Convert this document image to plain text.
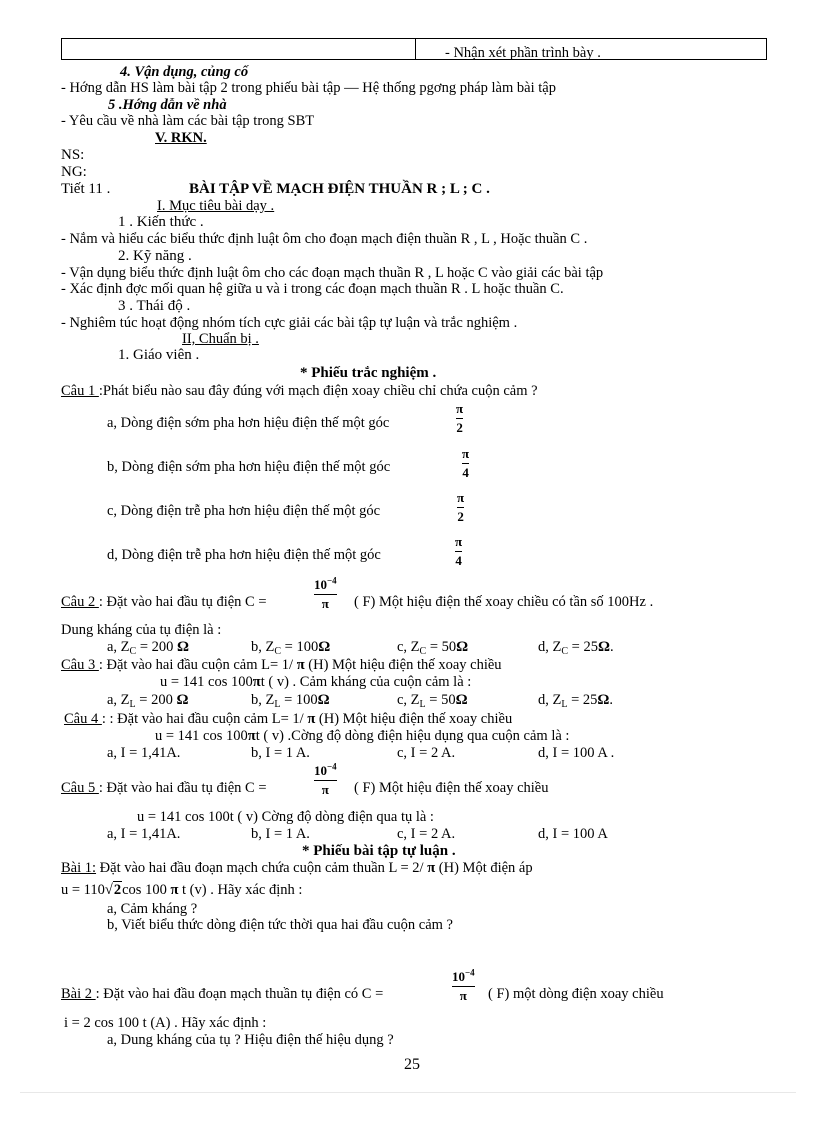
- Nhận xét phần trình bày .
4. Vận dụng, củng cố
- Hớng dẫn HS làm bài tập 2 trong phiếu bài tập — Hệ thống pgơng pháp làm bài tập
5 .Hớng dẫn về nhà
- Yêu cầu về nhà làm các bài tập trong SBT
V. RKN.
NS:
NG:
Tiết 11 .	BÀI TẬP VỀ MẠCH ĐIỆN THUẦN R ; L ; C .
I. Mục tiêu bài dạy .
1 . Kiến thức .
- Nắm và hiểu các biểu thức định luật ôm cho đoạn mạch điện thuần R , L , Hoặc thuần C .
2. Kỹ năng .
- Vận dụng biểu thức định luật ôm cho các đoạn mạch thuần R , L hoặc C vào giải các bài tập
- Xác định đợc mối quan hệ giữa u và i trong các đoạn mạch thuần R . L hoặc thuần C.
3 . Thái độ .
- Nghiêm túc hoạt động nhóm tích cực giải các bài tập tự luận và trắc nghiệm .
II, Chuẩn bị .
1. Giáo viên .
* Phiếu trắc nghiệm .
Câu 1 :Phát biểu nào sau đây đúng với mạch điện xoay chiều chỉ chứa cuộn cảm ?
a, Dòng điện sớm pha hơn hiệu điện thế một góc
π
2
b, Dòng điện sớm pha hơn hiệu điện thế một góc
π
4
c, Dòng điện trễ pha hơn hiệu điện thế một góc
π
2
d, Dòng điện trễ pha hơn hiệu điện thế một góc
π
4
Câu 2 : Đặt vào hai đầu tụ điện C =
$10^{-4}$
π ( F) Một hiệu điện thế xoay chiều có tần số 100Hz .
Dung kháng của tụ điện là :
a, $Z_C = 200$ Ω	b, $Z_C = 100\Omega$	c, $Z_C = 50\Omega$	d, $Z_C = 25\Omega$.
Câu 3 : Đặt vào hai đầu cuộn cảm L= 1/ π (H) Một hiệu điện thế xoay chiều
u = 141 cos 100πt ( v) . Cảm kháng của cuộn cảm là :
a, $Z_L = 200$ Ω	b, $Z_L = 100\Omega$	c, $Z_L = 50\Omega$	d, $Z_L = 25\Omega$.
Câu 4 : : Đặt vào hai đầu cuộn cảm L= 1/ π (H) Một hiệu điện thế xoay chiều
u = 141 cos 100πt ( v) .Cờng độ dòng điện hiệu dụng qua cuộn cảm là :
a, I = 1,41A.	b, I = 1 A.	c, I = 2 A.	d, I = 100 A .
Câu 5 : Đặt vào hai đầu tụ điện C =
$10^{-4}$
π ( F) Một hiệu điện thế xoay chiều
u = 141 cos 100t ( v) Cờng độ dòng điện qua tụ là :
a, I = 1,41A.	b, I = 1 A.	c, I = 2 A.	d, I = 100 A
* Phiếu bài tập tự luận .
Bài 1: Đặt vào hai đầu đoạn mạch chứa cuộn cảm thuần L = 2/ π (H) Một điện áp
u = 110√2cos 100 π t (v) . Hãy xác định :
a, Cảm kháng ?
b, Viết biểu thức dòng điện tức thời qua hai đầu cuộn cảm ?
Bài 2 : Đặt vào hai đầu đoạn mạch thuần tụ điện có C =
$10^{-4}$
π ( F) một dòng điện xoay chiều
i = 2 cos 100 t (A) . Hãy xác định :
a, Dung kháng của tụ ? Hiệu điện thế hiệu dụng ?
25
